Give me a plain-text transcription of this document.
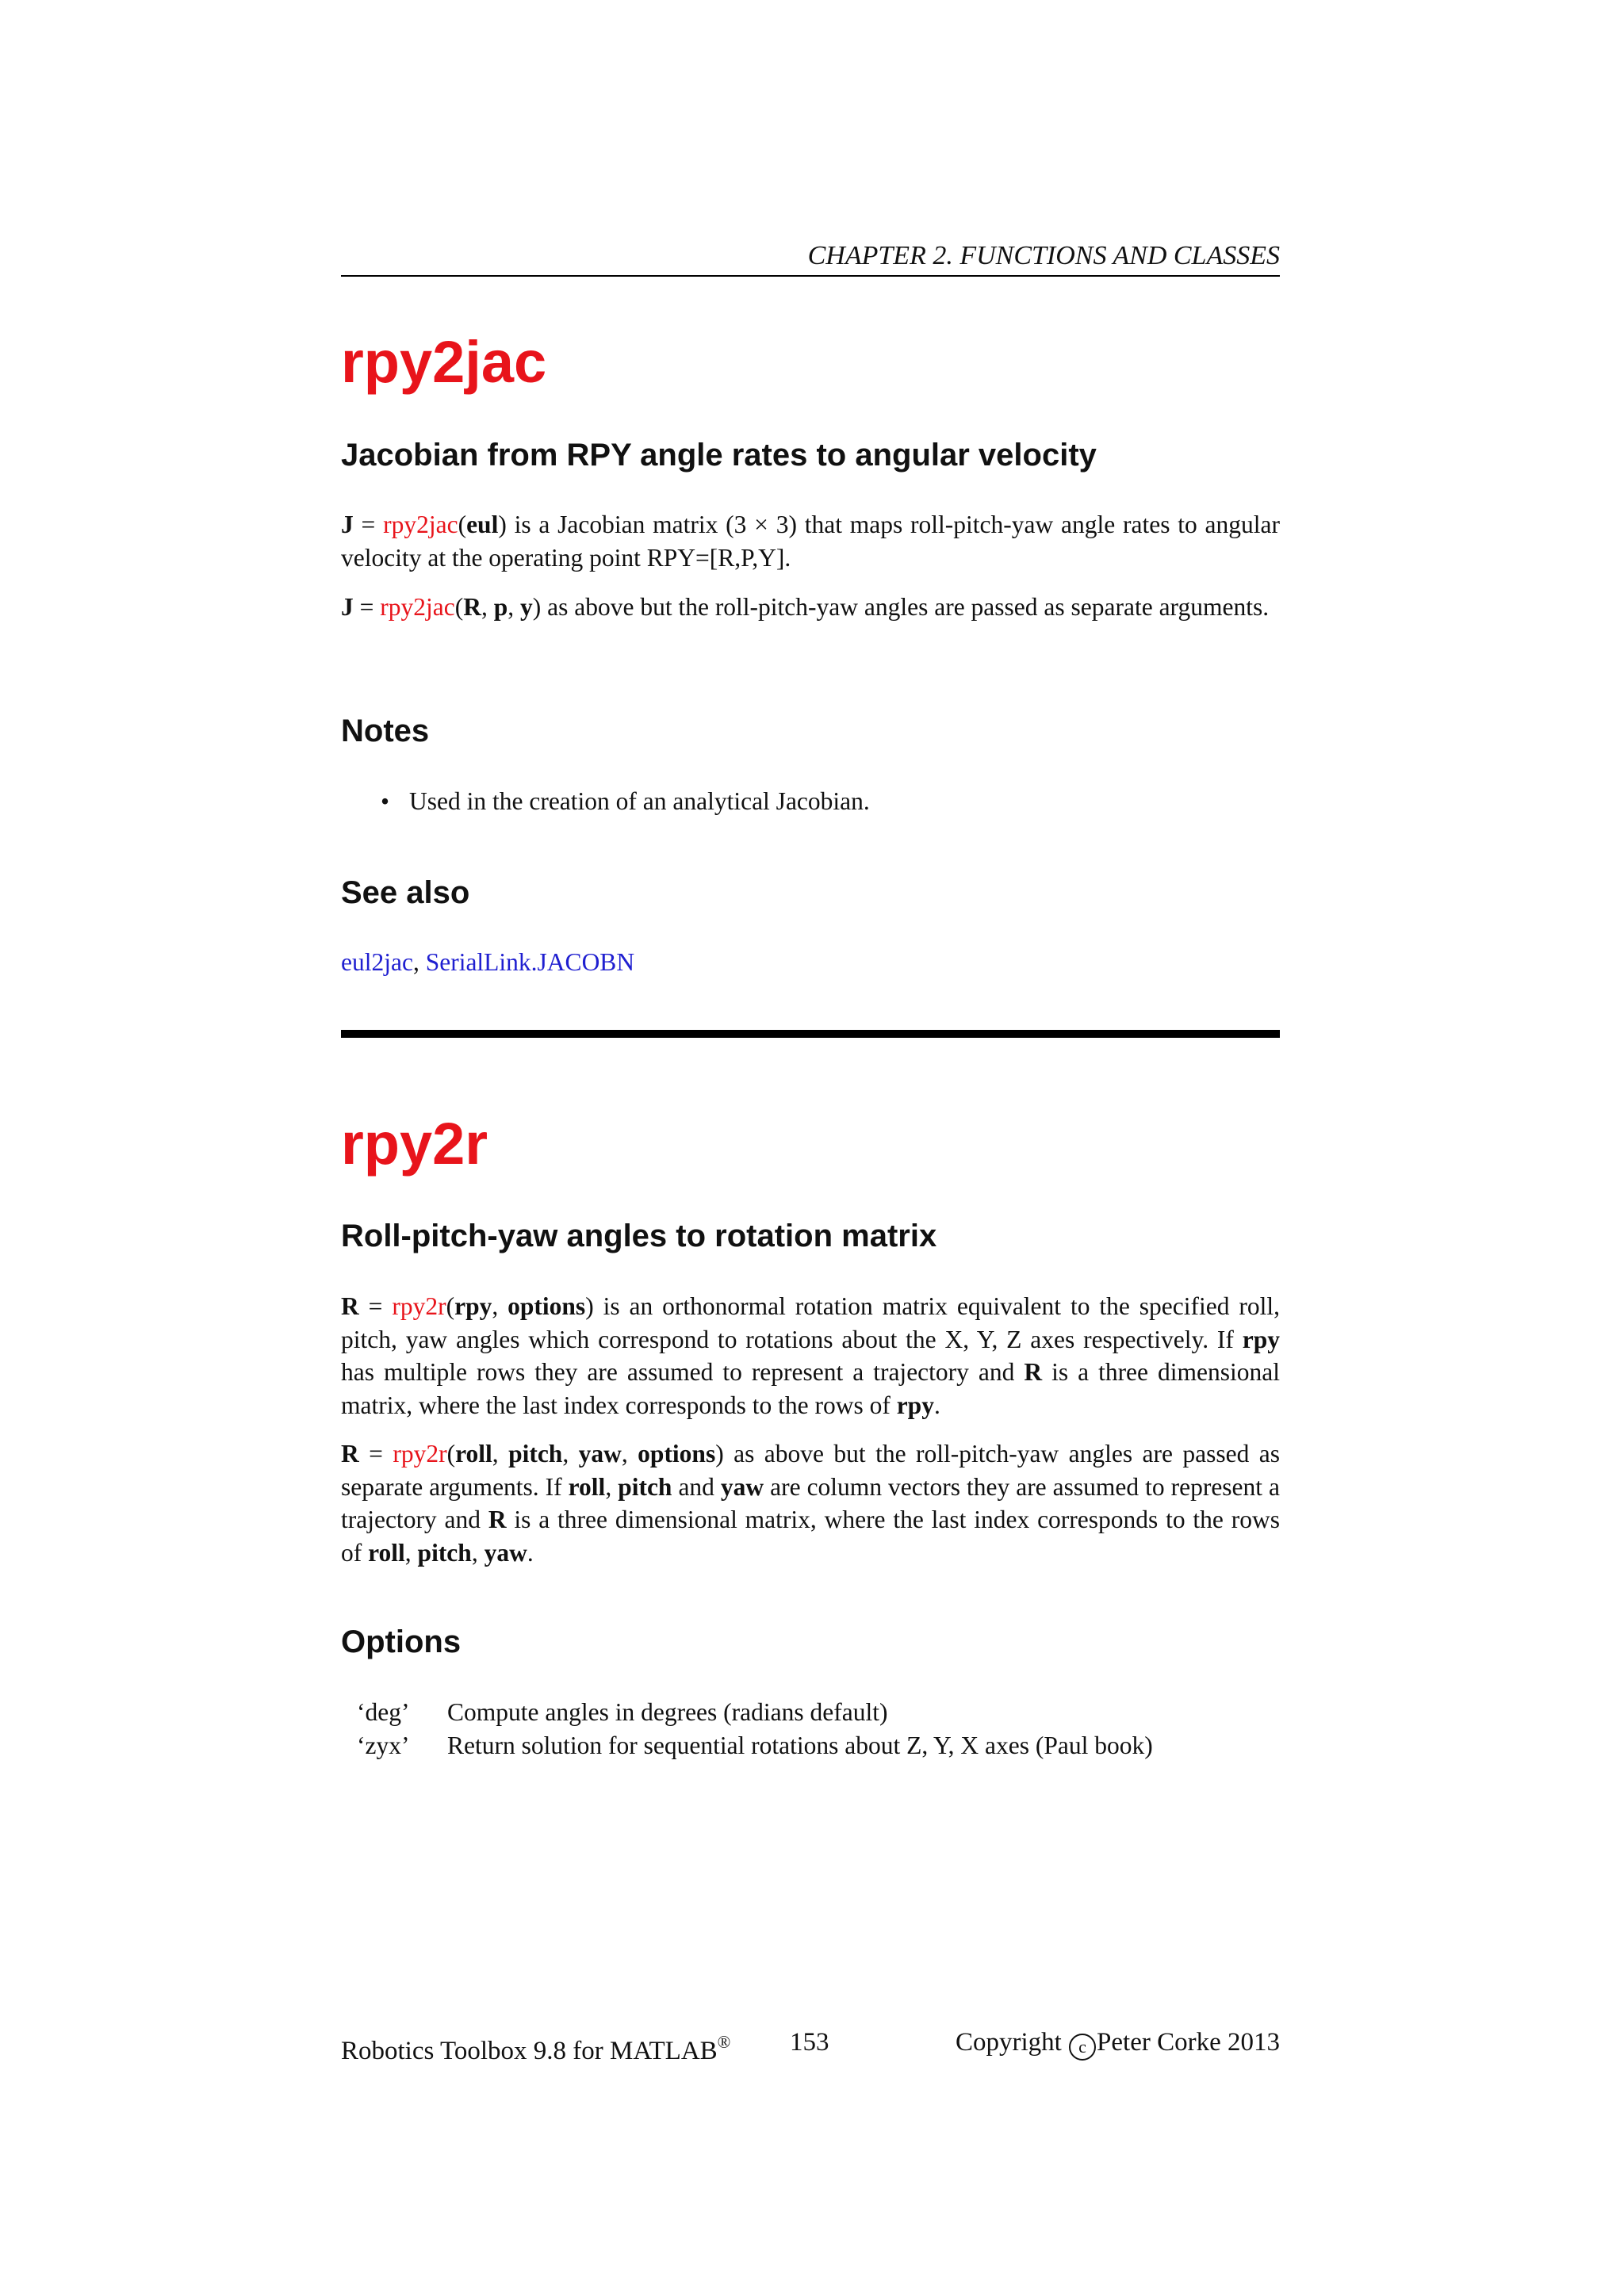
CHAPTER 2. FUNCTIONS AND CLASSES
rpy2jac
Jacobian from RPY angle rates to angular velocity

J = rpy2jac(eul) is a Jacobian matrix (3 × 3) that maps roll-pitch-yaw angle rates to angular velocity at the operating point RPY=[R,P,Y].

J = rpy2jac(R, p, y) as above but the roll-pitch-yaw angles are passed as separate arguments.

Notes
• Used in the creation of an analytical Jacobian.
See also
eul2jac, SerialLink.JACOBN
rpy2r
Roll-pitch-yaw angles to rotation matrix

R = rpy2r(rpy, options) is an orthonormal rotation matrix equivalent to the specified roll, pitch, yaw angles which correspond to rotations about the X, Y, Z axes respectively. If rpy has multiple rows they are assumed to represent a trajectory and R is a three dimensional matrix, where the last index corresponds to the rows of rpy.

R = rpy2r(roll, pitch, yaw, options) as above but the roll-pitch-yaw angles are passed as separate arguments. If roll, pitch and yaw are column vectors they are assumed to represent a trajectory and R is a three dimensional matrix, where the last index corresponds to the rows of roll, pitch, yaw.

Options
‘deg’ Compute angles in degrees (radians default)
‘zyx’ Return solution for sequential rotations about Z, Y, X axes (Paul book)
Robotics Toolbox 9.8 for MATLAB® 153	Copyright c Peter Corke 2013
